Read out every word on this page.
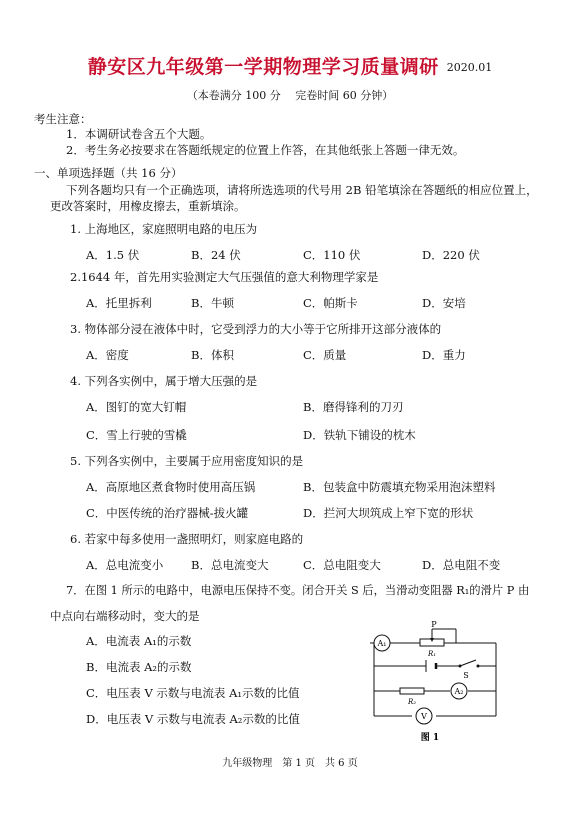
静安区九年级第一学期物理学习质量调研 2020.01
（本卷满分 100 分　 完卷时间 60 分钟）
考生注意：
1．本调研试卷含五个大题。
2．考生务必按要求在答题纸规定的位置上作答，在其他纸张上答题一律无效。
一、单项选择题（共 16 分）
下列各题均只有一个正确选项，请将所选选项的代号用 2B 铅笔填涂在答题纸的相应位置上，
更改答案时，用橡皮擦去，重新填涂。
1. 上海地区，家庭照明电路的电压为
A．1.5 伏	B．24 伏	C．110 伏	D．220 伏
2.1644 年，首先用实验测定大气压强值的意大利物理学家是
A．托里拆利	B．牛顿	C．帕斯卡	D．安培
3. 物体部分浸在液体中时，它受到浮力的大小等于它所排开这部分液体的
A．密度	B．体积	C．质量	D．重力
4. 下列各实例中，属于增大压强的是
A．图钉的宽大钉帽	B．磨得锋利的刀刃
C．雪上行驶的雪橇	D．铁轨下铺设的枕木
5. 下列各实例中，主要属于应用密度知识的是
A．高原地区煮食物时使用高压锅	B．包装盒中防震填充物采用泡沫塑料
C．中医传统的治疗器械-拔火罐	D．拦河大坝筑成上窄下宽的形状
6. 若家中每多使用一盏照明灯，则家庭电路的
A．总电流变小 B．总电流变大	C．总电阻变大	D．总电阻不变
7．在图 1 所示的电路中，电源电压保持不变。闭合开关 S 后，当滑动变阻器 R₁的滑片 P 由
中点向右端移动时，变大的是
A．电流表 A₁的示数
B．电流表 A₂的示数
C．电压表 V 示数与电流表 A₁示数的比值
D．电压表 V 示数与电流表 A₂示数的比值
A₁
P
R₁
S
R₂
A₂
V
图 1
九年级物理　第 1 页　共 6 页
